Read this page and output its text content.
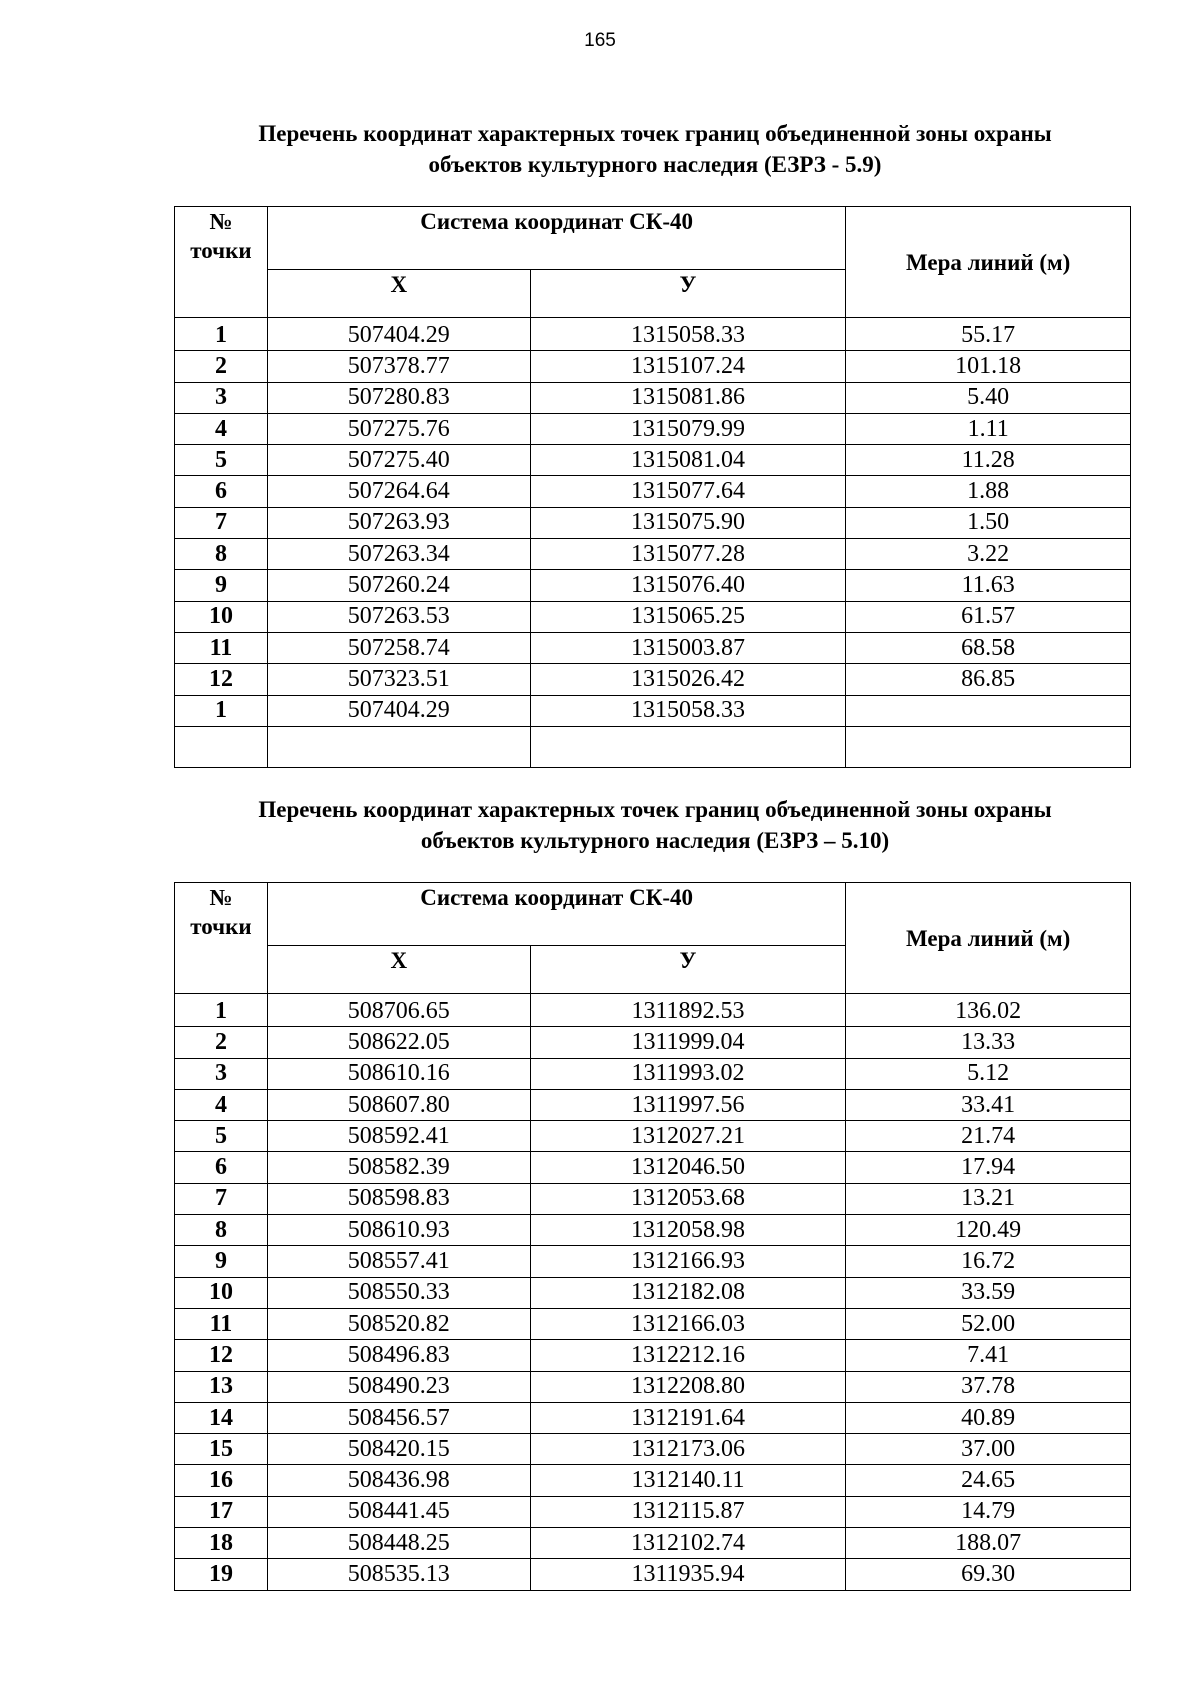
165
Перечень координат характерных точек границ объединенной зоны охраны
объектов культурного наследия (ЕЗРЗ - 5.9)
№
точки	Система координат СК-40		Мера линий (м)
	X	У	
1	507404.29	1315058.33	55.17
2	507378.77	1315107.24	101.18
3	507280.83	1315081.86	5.40
4	507275.76	1315079.99	1.11
5	507275.40	1315081.04	11.28
6	507264.64	1315077.64	1.88
7	507263.93	1315075.90	1.50
8	507263.34	1315077.28	3.22
9	507260.24	1315076.40	11.63
10	507263.53	1315065.25	61.57
11	507258.74	1315003.87	68.58
12	507323.51	1315026.42	86.85
1	507404.29	1315058.33	

Перечень координат характерных точек границ объединенной зоны охраны
объектов культурного наследия (ЕЗРЗ – 5.10)
№
точки	Система координат СК-40		Мера линий (м)
	X	У	
1	508706.65	1311892.53	136.02
2	508622.05	1311999.04	13.33
3	508610.16	1311993.02	5.12
4	508607.80	1311997.56	33.41
5	508592.41	1312027.21	21.74
6	508582.39	1312046.50	17.94
7	508598.83	1312053.68	13.21
8	508610.93	1312058.98	120.49
9	508557.41	1312166.93	16.72
10	508550.33	1312182.08	33.59
11	508520.82	1312166.03	52.00
12	508496.83	1312212.16	7.41
13	508490.23	1312208.80	37.78
14	508456.57	1312191.64	40.89
15	508420.15	1312173.06	37.00
16	508436.98	1312140.11	24.65
17	508441.45	1312115.87	14.79
18	508448.25	1312102.74	188.07
19	508535.13	1311935.94	69.30
